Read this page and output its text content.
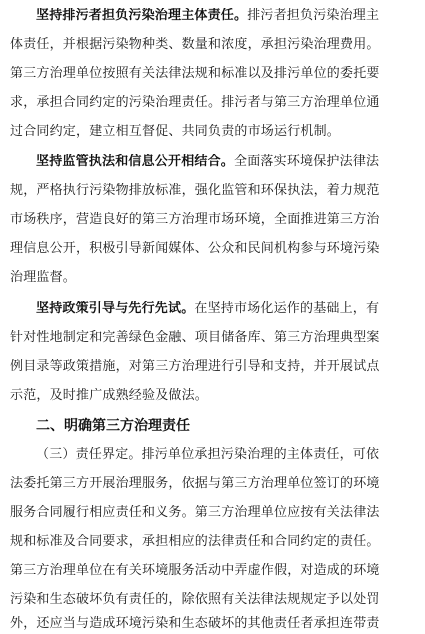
坚持排污者担负污染治理主体责任。排污者担负污染治理主
体责任，并根据污染物种类、数量和浓度，承担污染治理费用。
第三方治理单位按照有关法律法规和标准以及排污单位的委托要
求，承担合同约定的污染治理责任。排污者与第三方治理单位通
过合同约定，建立相互督促、共同负责的市场运行机制。
坚持监管执法和信息公开相结合。全面落实环境保护法律法
规，严格执行污染物排放标准，强化监管和环保执法，着力规范
市场秩序，营造良好的第三方治理市场环境，全面推进第三方治
理信息公开，积极引导新闻媒体、公众和民间机构参与环境污染
治理监督。
坚持政策引导与先行先试。在坚持市场化运作的基础上，有
针对性地制定和完善绿色金融、项目储备库、第三方治理典型案
例目录等政策措施，对第三方治理进行引导和支持，并开展试点
示范，及时推广成熟经验及做法。
二、明确第三方治理责任
（三）责任界定。排污单位承担污染治理的主体责任，可依
法委托第三方开展治理服务，依据与第三方治理单位签订的环境
服务合同履行相应责任和义务。第三方治理单位应按有关法律法
规和标准及合同要求，承担相应的法律责任和合同约定的责任。
第三方治理单位在有关环境服务活动中弄虚作假，对造成的环境
污染和生态破坏负有责任的，除依照有关法律法规规定予以处罚
外，还应当与造成环境污染和生态破坏的其他责任者承担连带责
